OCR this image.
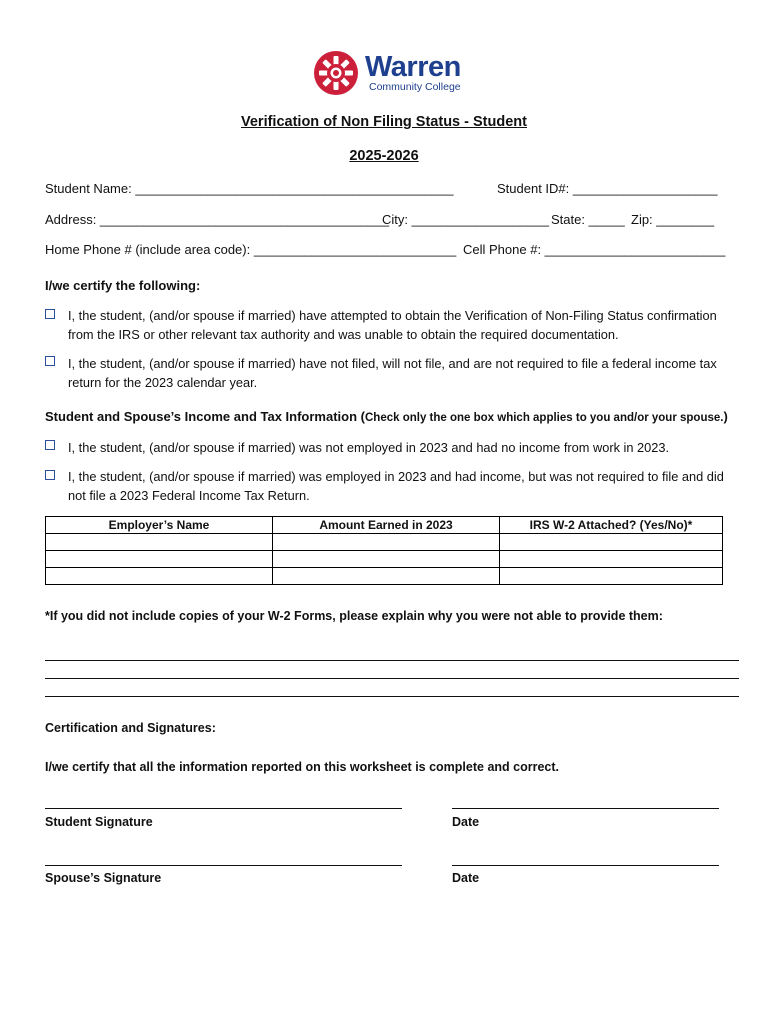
Warren
Community College
Verification of Non Filing Status - Student
2025-2026
Student Name: ____________________________________________	Student ID#: ____________________
Address: ________________________________________
City: ___________________ State: _____ Zip: ________
Home Phone # (include area code): ____________________________ Cell Phone #: _________________________
I/we certify the following:
I, the student, (and/or spouse if married) have attempted to obtain the Verification of Non-Filing Status confirmation
from the IRS or other relevant tax authority and was unable to obtain the required documentation.
I, the student, (and/or spouse if married) have not filed, will not file, and are not required to file a federal income tax
return for the 2023 calendar year.
Student and Spouse’s Income and Tax Information (Check only the one box which applies to you and/or your spouse.)
I, the student, (and/or spouse if married) was not employed in 2023 and had no income from work in 2023.
I, the student, (and/or spouse if married) was employed in 2023 and had income, but was not required to file and did
not file a 2023 Federal Income Tax Return.
Employer’s Name	Amount Earned in 2023	IRS W-2 Attached? (Yes/No)*

*If you did not include copies of your W-2 Forms, please explain why you were not able to provide them:
Certification and Signatures:
I/we certify that all the information reported on this worksheet is complete and correct.
Student Signature	Date
Spouse’s Signature	Date
